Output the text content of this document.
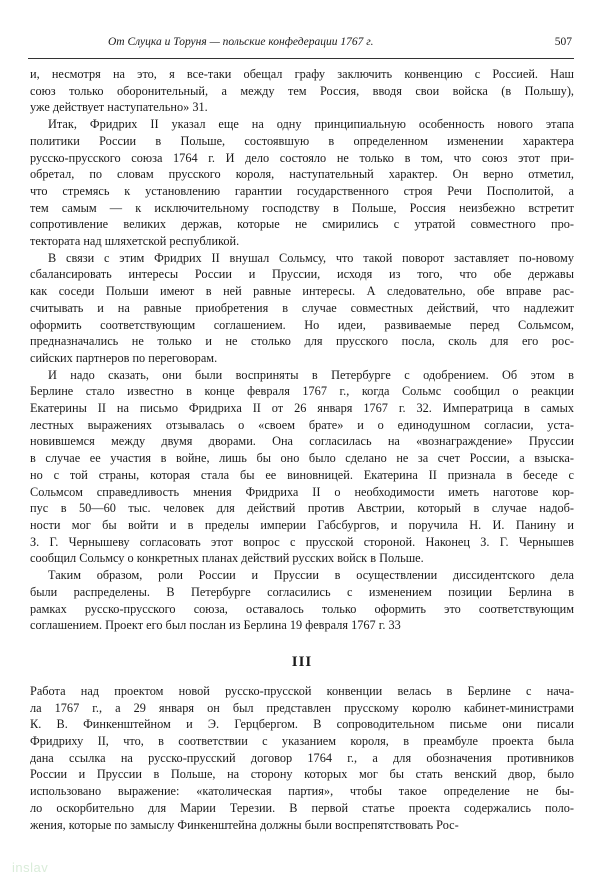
От Слуцка и Торуня — польские конфедерации 1767 г.	507
и, несмотря на это, я все-таки обещал графу заключить конвенцию с Россией. Наш
союз только оборонительный, а между тем Россия, вводя свои войска (в Польшу),
уже действует наступательно» 31.
Итак, Фридрих II указал еще на одну принципиальную особенность нового этапа
политики России в Польше, состоявшую в определенном изменении характера
русско-прусского союза 1764 г. И дело состояло не только в том, что союз этот при-
обретал, по словам прусского короля, наступательный характер. Он верно отметил,
что стремясь к установлению гарантии государственного строя Речи Посполитой, а
тем самым — к исключительному господству в Польше, Россия неизбежно встретит
сопротивление великих держав, которые не смирились с утратой совместного про-
тектората над шляхетской республикой.
В связи с этим Фридрих II внушал Сольмсу, что такой поворот заставляет по-новому
сбалансировать интересы России и Пруссии, исходя из того, что обе державы
как соседи Польши имеют в ней равные интересы. А следовательно, обе вправе рас-
считывать и на равные приобретения в случае совместных действий, что надлежит
оформить соответствующим соглашением. Но идеи, развиваемые перед Сольмсом,
предназначались не только и не столько для прусского посла, сколь для его рос-
сийских партнеров по переговорам.
И надо сказать, они были восприняты в Петербурге с одобрением. Об этом в
Берлине стало известно в конце февраля 1767 г., когда Сольмс сообщил о реакции
Екатерины II на письмо Фридриха II от 26 января 1767 г. 32. Императрица в самых
лестных выражениях отзывалась о «своем брате» и о единодушном согласии, уста-
новившемся между двумя дворами. Она согласилась на «вознаграждение» Пруссии
в случае ее участия в войне, лишь бы оно было сделано не за счет России, а взыска-
но с той страны, которая стала бы ее виновницей. Екатерина II признала в беседе с
Сольмсом справедливость мнения Фридриха II о необходимости иметь наготове кор-
пус в 50—60 тыс. человек для действий против Австрии, который в случае надоб-
ности мог бы войти и в пределы империи Габсбургов, и поручила Н. И. Панину и
З. Г. Чернышеву согласовать этот вопрос с прусской стороной. Наконец З. Г. Чернышев
сообщил Сольмсу о конкретных планах действий русских войск в Польше.
Таким образом, роли России и Пруссии в осуществлении диссидентского дела
были распределены. В Петербурге согласились с изменением позиции Берлина в
рамках русско-прусского союза, оставалось только оформить это соответствующим
соглашением. Проект его был послан из Берлина 19 февраля 1767 г. 33
III
Работа над проектом новой русско-прусской конвенции велась в Берлине с нача-
ла 1767 г., а 29 января он был представлен прусскому королю кабинет-министрами
К. В. Финкенштейном и Э. Герцбергом. В сопроводительном письме они писали
Фридриху II, что, в соответствии с указанием короля, в преамбуле проекта была
дана ссылка на русско-прусский договор 1764 г., а для обозначения противников
России и Пруссии в Польше, на сторону которых мог бы стать венский двор, было
использовано выражение: «католическая партия», чтобы такое определение не бы-
ло оскорбительно для Марии Терезии. В первой статье проекта содержались поло-
жения, которые по замыслу Финкенштейна должны были воспрепятствовать Рос-
inslav
